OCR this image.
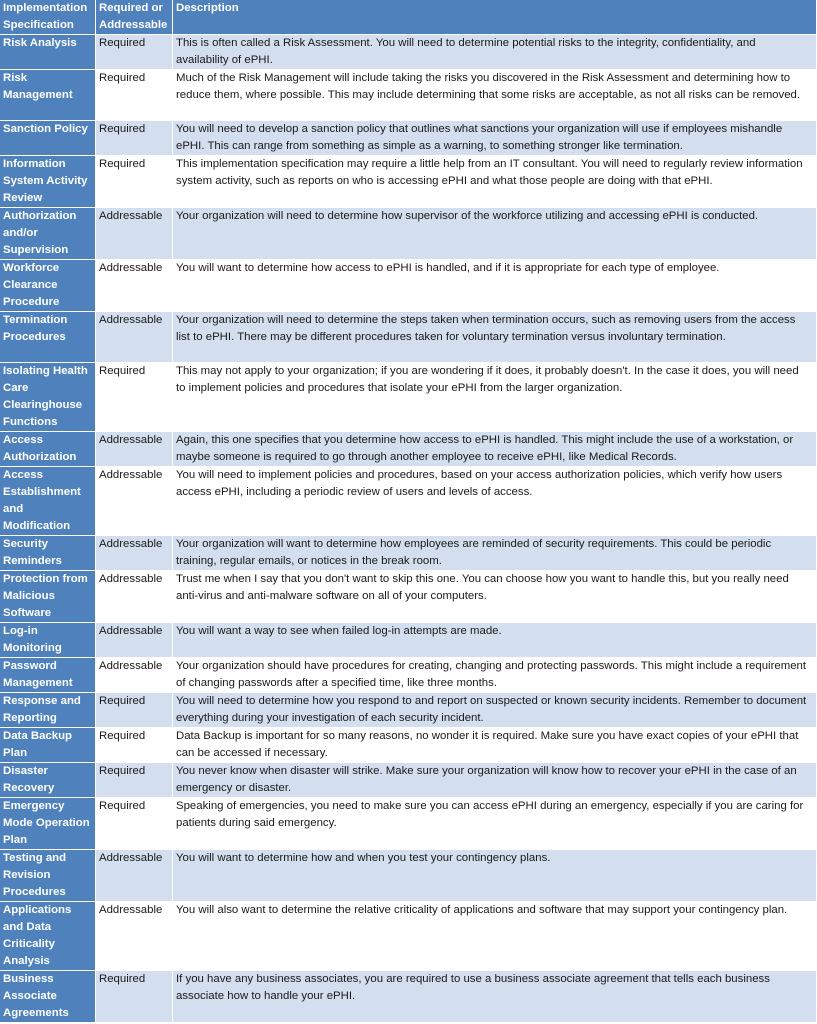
Implementation Specification	Required or Addressable	Description
Risk Analysis	Required	This is often called a Risk Assessment. You will need to determine potential risks to the integrity, confidentiality, and availability of ePHI.
Risk Management	Required	Much of the Risk Management will include taking the risks you discovered in the Risk Assessment and determining how to reduce them, where possible. This may include determining that some risks are acceptable, as not all risks can be removed.
Sanction Policy	Required	You will need to develop a sanction policy that outlines what sanctions your organization will use if employees mishandle ePHI. This can range from something as simple as a warning, to something stronger like termination.
Information System Activity Review	Required	This implementation specification may require a little help from an IT consultant. You will need to regularly review information system activity, such as reports on who is accessing ePHI and what those people are doing with that ePHI.
Authorization and/or Supervision	Addressable	Your organization will need to determine how supervisor of the workforce utilizing and accessing ePHI is conducted.
Workforce Clearance Procedure	Addressable	You will want to determine how access to ePHI is handled, and if it is appropriate for each type of employee.
Termination Procedures	Addressable	Your organization will need to determine the steps taken when termination occurs, such as removing users from the access list to ePHI. There may be different procedures taken for voluntary termination versus involuntary termination.
Isolating Health Care Clearinghouse Functions	Required	This may not apply to your organization; if you are wondering if it does, it probably doesn't. In the case it does, you will need to implement policies and procedures that isolate your ePHI from the larger organization.
Access Authorization	Addressable	Again, this one specifies that you determine how access to ePHI is handled. This might include the use of a workstation, or maybe someone is required to go through another employee to receive ePHI, like Medical Records.
Access Establishment and Modification	Addressable	You will need to implement policies and procedures, based on your access authorization policies, which verify how users access ePHI, including a periodic review of users and levels of access.
Security Reminders	Addressable	Your organization will want to determine how employees are reminded of security requirements. This could be periodic training, regular emails, or notices in the break room.
Protection from Malicious Software	Addressable	Trust me when I say that you don't want to skip this one. You can choose how you want to handle this, but you really need anti-virus and anti-malware software on all of your computers.
Log-in Monitoring	Addressable	You will want a way to see when failed log-in attempts are made.
Password Management	Addressable	Your organization should have procedures for creating, changing and protecting passwords. This might include a requirement of changing passwords after a specified time, like three months.
Response and Reporting	Required	You will need to determine how you respond to and report on suspected or known security incidents. Remember to document everything during your investigation of each security incident.
Data Backup Plan	Required	Data Backup is important for so many reasons, no wonder it is required. Make sure you have exact copies of your ePHI that can be accessed if necessary.
Disaster Recovery	Required	You never know when disaster will strike. Make sure your organization will know how to recover your ePHI in the case of an emergency or disaster.
Emergency Mode Operation Plan	Required	Speaking of emergencies, you need to make sure you can access ePHI during an emergency, especially if you are caring for patients during said emergency.
Testing and Revision Procedures	Addressable	You will want to determine how and when you test your contingency plans.
Applications and Data Criticality Analysis	Addressable	You will also want to determine the relative criticality of applications and software that may support your contingency plan.
Business Associate Agreements	Required	If you have any business associates, you are required to use a business associate agreement that tells each business associate how to handle your ePHI.
